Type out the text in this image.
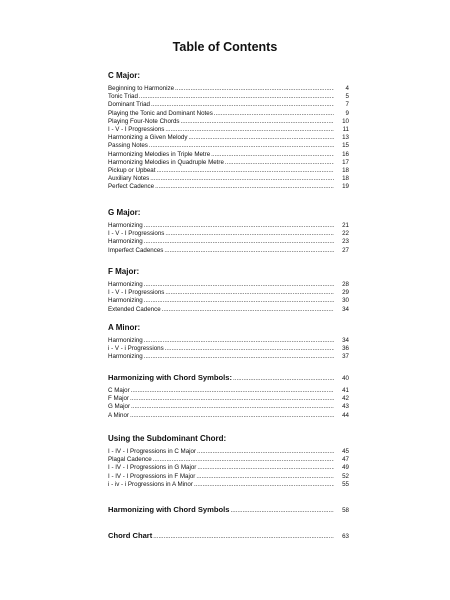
Table of Contents
C Major:
Beginning to Harmonize .....	4
Tonic Triad .....	5
Dominant Triad .....	7
Playing the Tonic and Dominant Notes .....	9
Playing Four-Note Chords .....	10
I - V - I Progressions .....	11
Harmonizing a Given Melody .....	13
Passing Notes .....	15
Harmonizing Melodies in Triple Metre .....	16
Harmonizing Melodies in Quadruple Metre .....	17
Pickup or Upbeat .....	18
Auxiliary Notes .....	18
Perfect Cadence .....	19
G Major:
Harmonizing .....	21
I - V - I Progressions .....	22
Harmonizing .....	23
Imperfect Cadences .....	27
F Major:
Harmonizing .....	28
I - V - I Progressions .....	29
Harmonizing .....	30
Extended Cadence .....	34
A Minor:
Harmonizing .....	34
i - V - i Progressions .....	36
Harmonizing .....	37
Harmonizing with Chord Symbols: .....	40
C Major .....	41
F Major .....	42
G Major .....	43
A Minor .....	44
Using the Subdominant Chord:
I - IV - I Progressions in C Major .....	45
Plagal Cadence .....	47
I - IV - I Progressions in G Major .....	49
I - IV - I Progressions in F Major .....	52
i - iv - i Progressions in A Minor .....	55
Harmonizing with Chord Symbols .....	58
Chord Chart .....	63
